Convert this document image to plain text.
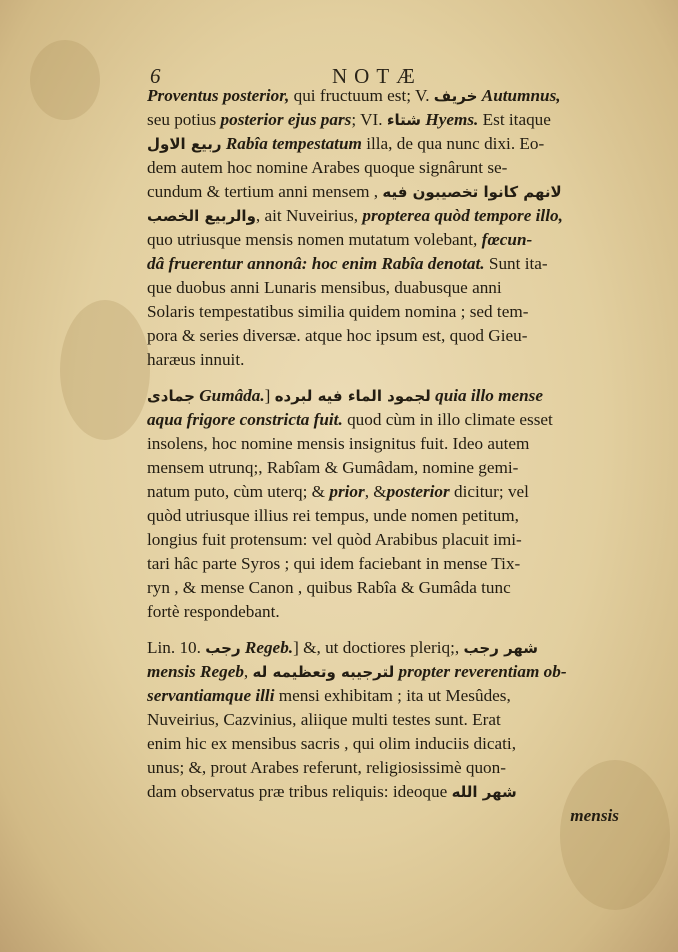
6	NOTÆ
Proventus posterior, qui fructuum est; V. خريف Autumnus,
seu potius posterior ejus pars; VI. شتاء Hyems. Est itaque
ربيع الاول Rabîa tempestatum illa, de qua nunc dixi. Eo-
dem autem hoc nomine Arabes quoque signârunt se-
cundum & tertium anni mensem , لانهم كانوا تخصيبون فيه
والربيع الخصب, ait Nuveirius, propterea quòd tempore illo,
quo utriusque mensis nomen mutatum volebant, fœcun-
dâ fruerentur annonâ: hoc enim Rabîa denotat. Sunt ita-
que duobus anni Lunaris mensibus, duabusque anni
Solaris tempestatibus similia quidem nomina ; sed tem-
pora & series diversæ. atque hoc ipsum est, quod Gieu-
haræus innuit.
جمادى Gumâda.] لجمود الماء فيه لبرده quia illo mense
aqua frigore constricta fuit. quod cùm in illo climate esset
insolens, hoc nomine mensis insignitus fuit. Ideo autem
mensem utrunq;, Rabîam & Gumâdam, nomine gemi-
natum puto, cùm uterq; & prior, &posterior dicitur; vel
quòd utriusque illius rei tempus, unde nomen petitum,
longius fuit protensum: vel quòd Arabibus placuit imi-
tari hâc parte Syros ; qui idem faciebant in mense Tix-
ryn , & mense Canon , quibus Rabîa & Gumâda tunc
fortè respondebant.
Lin. 10. رجب Regeb.] &, ut doctiores pleriq;, شهر رجب
mensis Regeb, لترجيبه وتعظيمه له propter reverentiam ob-
servantiamque illi mensi exhibitam ; ita ut Mesûdes,
Nuveirius, Cazvinius, aliique multi testes sunt. Erat
enim hic ex mensibus sacris , qui olim induciis dicati,
unus; &, prout Arabes referunt, religiosissimè quon-
dam observatus præ tribus reliquis: ideoque شهر الله
mensis
